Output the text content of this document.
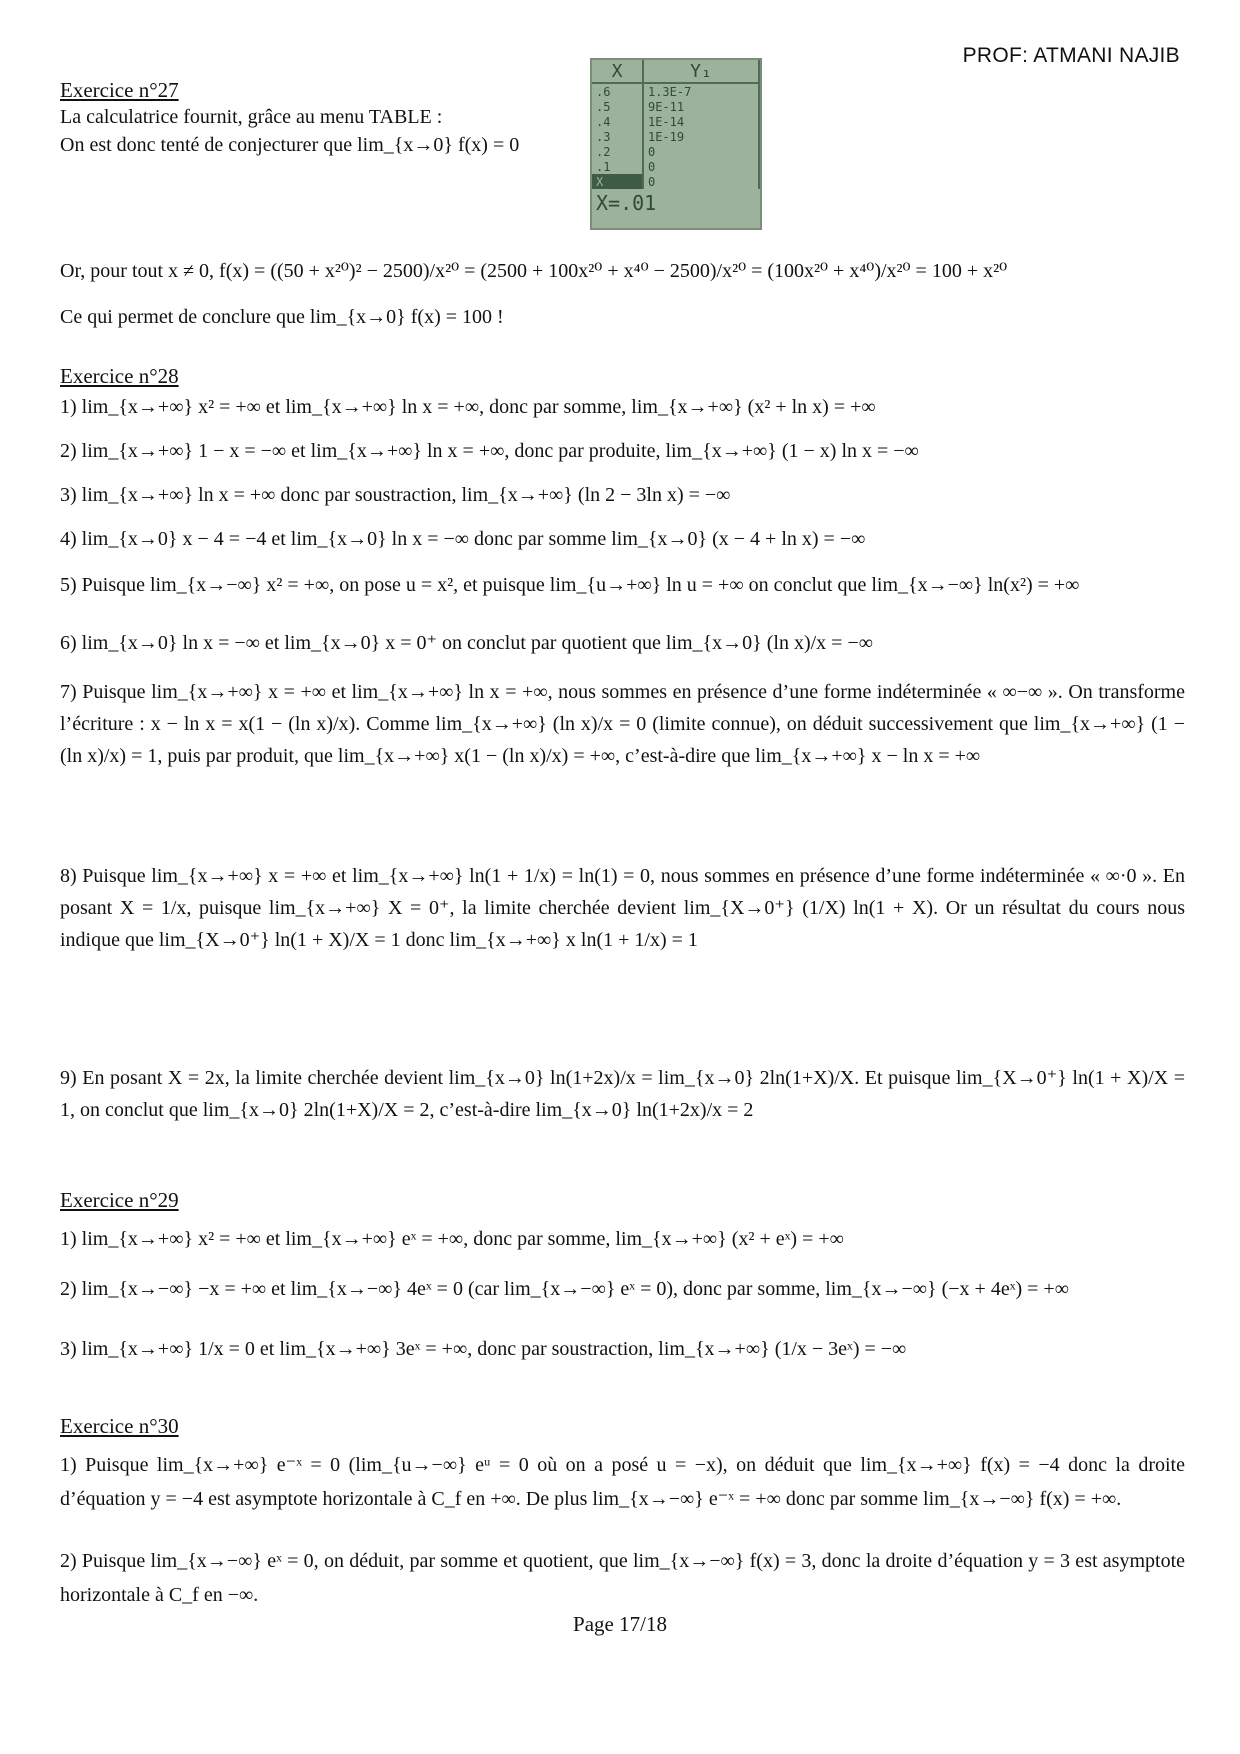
PROF: ATMANI NAJIB
X	Y₁
.6	1.3E-7
.5	9E-11
.4	1E-14
.3	1E-19
.2	0
.1	0
X	0
X=.01
Exercice n°27
La calculatrice fournit, grâce au menu TABLE :
On est donc tenté de conjecturer que lim_{x→0} f(x) = 0
Or, pour tout x ≠ 0, f(x) = ((50 + x²⁰)² − 2500)/x²⁰ = (2500 + 100x²⁰ + x⁴⁰ − 2500)/x²⁰ = (100x²⁰ + x⁴⁰)/x²⁰ = 100 + x²⁰
Ce qui permet de conclure que lim_{x→0} f(x) = 100 !
Exercice n°28
1) lim_{x→+∞} x² = +∞ et lim_{x→+∞} ln x = +∞, donc par somme, lim_{x→+∞} (x² + ln x) = +∞
2) lim_{x→+∞} 1 − x = −∞ et lim_{x→+∞} ln x = +∞, donc par produite, lim_{x→+∞} (1 − x) ln x = −∞
3) lim_{x→+∞} ln x = +∞ donc par soustraction, lim_{x→+∞} (ln 2 − 3ln x) = −∞
4) lim_{x→0} x − 4 = −4 et lim_{x→0} ln x = −∞ donc par somme lim_{x→0} (x − 4 + ln x) = −∞
5) Puisque lim_{x→−∞} x² = +∞, on pose u = x², et puisque lim_{u→+∞} ln u = +∞ on conclut que lim_{x→−∞} ln(x²) = +∞
6) lim_{x→0} ln x = −∞ et lim_{x→0} x = 0⁺ on conclut par quotient que lim_{x→0} (ln x)/x = −∞
7) Puisque lim_{x→+∞} x = +∞ et lim_{x→+∞} ln x = +∞, nous sommes en présence d’une forme indéterminée « ∞−∞ ». On transforme l’écriture : x − ln x = x(1 − (ln x)/x). Comme lim_{x→+∞} (ln x)/x = 0 (limite connue), on déduit successivement que lim_{x→+∞} (1 − (ln x)/x) = 1, puis par produit, que lim_{x→+∞} x(1 − (ln x)/x) = +∞, c’est-à-dire que lim_{x→+∞} x − ln x = +∞
8) Puisque lim_{x→+∞} x = +∞ et lim_{x→+∞} ln(1 + 1/x) = ln(1) = 0, nous sommes en présence d’une forme indéterminée « ∞·0 ». En posant X = 1/x, puisque lim_{x→+∞} X = 0⁺, la limite cherchée devient lim_{X→0⁺} (1/X) ln(1 + X). Or un résultat du cours nous indique que lim_{X→0⁺} ln(1 + X)/X = 1 donc lim_{x→+∞} x ln(1 + 1/x) = 1
9) En posant X = 2x, la limite cherchée devient lim_{x→0} ln(1+2x)/x = lim_{x→0} 2ln(1+X)/X. Et puisque lim_{X→0⁺} ln(1 + X)/X = 1, on conclut que lim_{x→0} 2ln(1+X)/X = 2, c’est-à-dire lim_{x→0} ln(1+2x)/x = 2
Exercice n°29
1) lim_{x→+∞} x² = +∞ et lim_{x→+∞} eˣ = +∞, donc par somme, lim_{x→+∞} (x² + eˣ) = +∞
2) lim_{x→−∞} −x = +∞ et lim_{x→−∞} 4eˣ = 0 (car lim_{x→−∞} eˣ = 0), donc par somme, lim_{x→−∞} (−x + 4eˣ) = +∞
3) lim_{x→+∞} 1/x = 0 et lim_{x→+∞} 3eˣ = +∞, donc par soustraction, lim_{x→+∞} (1/x − 3eˣ) = −∞
Exercice n°30
1) Puisque lim_{x→+∞} e⁻ˣ = 0 (lim_{u→−∞} eᵘ = 0 où on a posé u = −x), on déduit que lim_{x→+∞} f(x) = −4 donc la droite d’équation y = −4 est asymptote horizontale à C_f en +∞. De plus lim_{x→−∞} e⁻ˣ = +∞ donc par somme lim_{x→−∞} f(x) = +∞.
2) Puisque lim_{x→−∞} eˣ = 0, on déduit, par somme et quotient, que lim_{x→−∞} f(x) = 3, donc la droite d’équation y = 3 est asymptote horizontale à C_f en −∞.
Page 17/18
